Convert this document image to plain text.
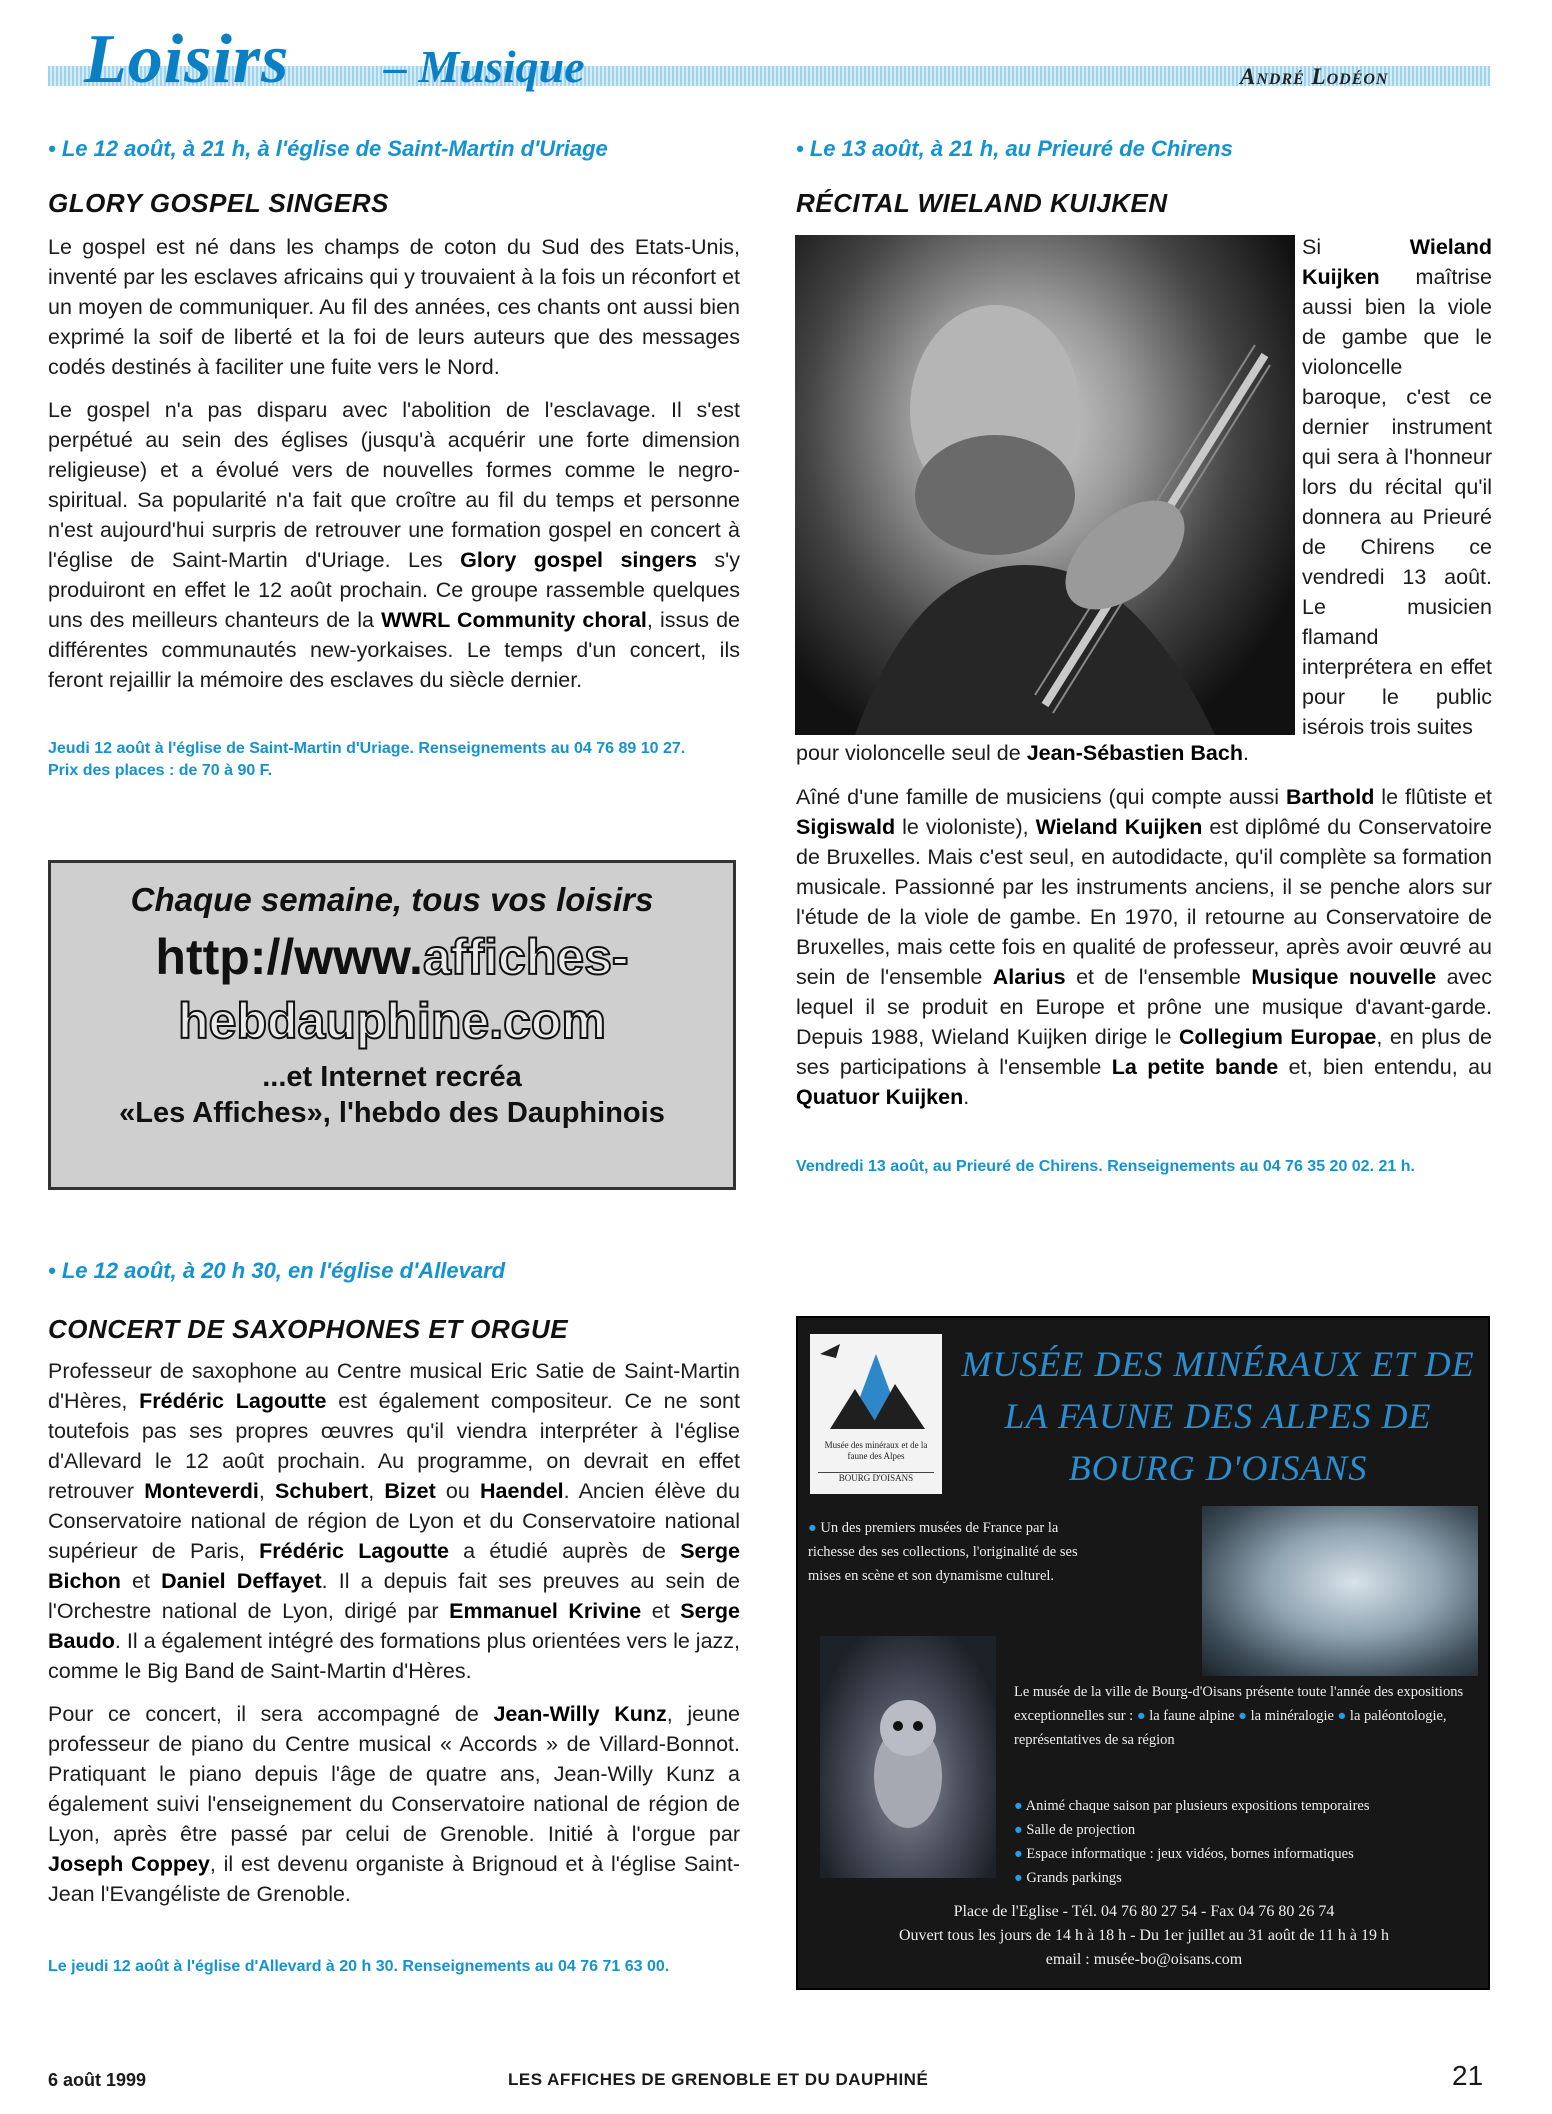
Loisirs – Musique	André Lodéon
• Le 12 août, à 21 h, à l'église de Saint-Martin d'Uriage
GLORY GOSPEL SINGERS

Le gospel est né dans les champs de coton du Sud des Etats-Unis, inventé par les esclaves africains qui y trouvaient à la fois un réconfort et un moyen de communiquer. Au fil des années, ces chants ont aussi bien exprimé la soif de liberté et la foi de leurs auteurs que des messages codés destinés à faciliter une fuite vers le Nord.

Le gospel n'a pas disparu avec l'abolition de l'esclavage. Il s'est perpétué au sein des églises (jusqu'à acquérir une forte dimension religieuse) et a évolué vers de nouvelles formes comme le negro-spiritual. Sa popularité n'a fait que croître au fil du temps et personne n'est aujourd'hui surpris de retrouver une formation gospel en concert à l'église de Saint-Martin d'Uriage. Les Glory gospel singers s'y produiront en effet le 12 août prochain. Ce groupe rassemble quelques uns des meilleurs chanteurs de la WWRL Community choral, issus de différentes communautés new-yorkaises. Le temps d'un concert, ils feront rejaillir la mémoire des esclaves du siècle dernier.

Jeudi 12 août à l'église de Saint-Martin d'Uriage. Renseignements au 04 76 89 10 27.
Prix des places : de 70 à 90 F.
Chaque semaine, tous vos loisirs
http://www.affiches-
hebdauphine.com
...et Internet recréa
«Les Affiches», l'hebdo des Dauphinois
• Le 13 août, à 21 h, au Prieuré de Chirens
RÉCITAL WIELAND KUIJKEN
Si Wieland Kuijken maîtrise aussi bien la viole de gambe que le violoncelle baroque, c'est ce dernier instrument qui sera à l'honneur lors du récital qu'il donnera au Prieuré de Chirens ce vendredi 13 août. Le musicien flamand interprétera en effet pour le public isérois trois suites
pour violoncelle seul de Jean-Sébastien Bach.

Aîné d'une famille de musiciens (qui compte aussi Barthold le flûtiste et Sigiswald le violoniste), Wieland Kuijken est diplômé du Conservatoire de Bruxelles. Mais c'est seul, en autodidacte, qu'il complète sa formation musicale. Passionné par les instruments anciens, il se penche alors sur l'étude de la viole de gambe. En 1970, il retourne au Conservatoire de Bruxelles, mais cette fois en qualité de professeur, après avoir œuvré au sein de l'ensemble Alarius et de l'ensemble Musique nouvelle avec lequel il se produit en Europe et prône une musique d'avant-garde. Depuis 1988, Wieland Kuijken dirige le Collegium Europae, en plus de ses participations à l'ensemble La petite bande et, bien entendu, au Quatuor Kuijken.

Vendredi 13 août, au Prieuré de Chirens. Renseignements au 04 76 35 20 02. 21 h.
• Le 12 août, à 20 h 30, en l'église d'Allevard
CONCERT DE SAXOPHONES ET ORGUE

Professeur de saxophone au Centre musical Eric Satie de Saint-Martin d'Hères, Frédéric Lagoutte est également compositeur. Ce ne sont toutefois pas ses propres œuvres qu'il viendra interpréter à l'église d'Allevard le 12 août prochain. Au programme, on devrait en effet retrouver Monteverdi, Schubert, Bizet ou Haendel. Ancien élève du Conservatoire national de région de Lyon et du Conservatoire national supérieur de Paris, Frédéric Lagoutte a étudié auprès de Serge Bichon et Daniel Deffayet. Il a depuis fait ses preuves au sein de l'Orchestre national de Lyon, dirigé par Emmanuel Krivine et Serge Baudo. Il a également intégré des formations plus orientées vers le jazz, comme le Big Band de Saint-Martin d'Hères.

Pour ce concert, il sera accompagné de Jean-Willy Kunz, jeune professeur de piano du Centre musical « Accords » de Villard-Bonnot. Pratiquant le piano depuis l'âge de quatre ans, Jean-Willy Kunz a également suivi l'enseignement du Conservatoire national de région de Lyon, après être passé par celui de Grenoble. Initié à l'orgue par Joseph Coppey, il est devenu organiste à Brignoud et à l'église Saint-Jean l'Evangéliste de Grenoble.

Le jeudi 12 août à l'église d'Allevard à 20 h 30. Renseignements au 04 76 71 63 00.
Musée des minéraux et de la faune des Alpes
BOURG D'OISANS
MUSÉE DES MINÉRAUX ET DE LA FAUNE DES ALPES DE BOURG D'OISANS
● Un des premiers musées de France par la richesse des ses collections, l'originalité de ses mises en scène et son dynamisme culturel.
Le musée de la ville de Bourg-d'Oisans présente toute l'année des expositions exceptionnelles sur : ● la faune alpine ● la minéralogie ● la paléontologie, représentatives de sa région
● Animé chaque saison par plusieurs expositions temporaires
● Salle de projection
● Espace informatique : jeux vidéos, bornes informatiques
● Grands parkings
Place de l'Eglise - Tél. 04 76 80 27 54 - Fax 04 76 80 26 74
Ouvert tous les jours de 14 h à 18 h - Du 1er juillet au 31 août de 11 h à 19 h
email : musée-bo@oisans.com
6 août 1999	LES AFFICHES DE GRENOBLE ET DU DAUPHINÉ	21
